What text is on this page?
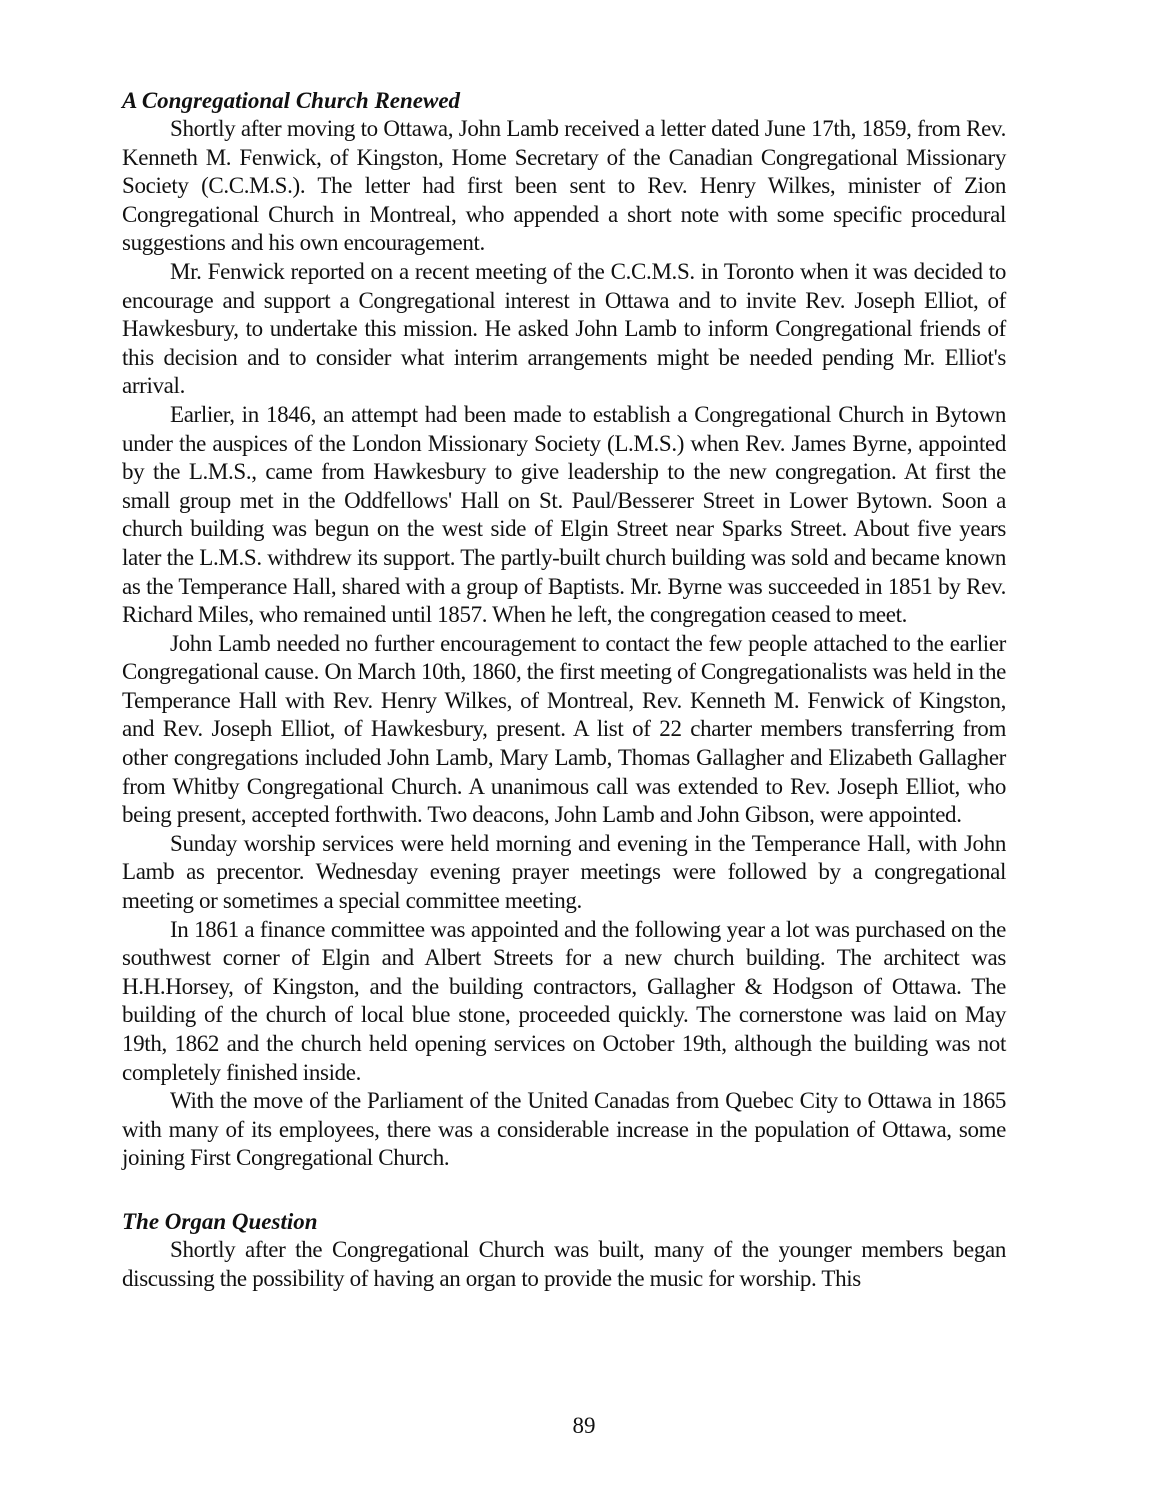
A Congregational Church Renewed

Shortly after moving to Ottawa, John Lamb received a letter dated June 17th, 1859, from Rev. Kenneth M. Fenwick, of Kingston, Home Secretary of the Canadian Congregational Missionary Society (C.C.M.S.). The letter had first been sent to Rev. Henry Wilkes, minister of Zion Congregational Church in Montreal, who appended a short note with some specific procedural suggestions and his own encouragement.

Mr. Fenwick reported on a recent meeting of the C.C.M.S. in Toronto when it was decided to encourage and support a Congregational interest in Ottawa and to invite Rev. Joseph Elliot, of Hawkesbury, to undertake this mission. He asked John Lamb to inform Congregational friends of this decision and to consider what interim arrangements might be needed pending Mr. Elliot's arrival.

Earlier, in 1846, an attempt had been made to establish a Congregational Church in Bytown under the auspices of the London Missionary Society (L.M.S.) when Rev. James Byrne, appointed by the L.M.S., came from Hawkesbury to give leadership to the new congregation. At first the small group met in the Oddfellows' Hall on St. Paul/Besserer Street in Lower Bytown. Soon a church building was begun on the west side of Elgin Street near Sparks Street. About five years later the L.M.S. withdrew its support. The partly-built church building was sold and became known as the Temperance Hall, shared with a group of Baptists. Mr. Byrne was succeeded in 1851 by Rev. Richard Miles, who remained until 1857. When he left, the congregation ceased to meet.

John Lamb needed no further encouragement to contact the few people attached to the earlier Congregational cause. On March 10th, 1860, the first meeting of Congregationalists was held in the Temperance Hall with Rev. Henry Wilkes, of Montreal, Rev. Kenneth M. Fenwick of Kingston, and Rev. Joseph Elliot, of Hawkesbury, present. A list of 22 charter members transferring from other congregations included John Lamb, Mary Lamb, Thomas Gallagher and Elizabeth Gallagher from Whitby Congregational Church. A unanimous call was extended to Rev. Joseph Elliot, who being present, accepted forthwith. Two deacons, John Lamb and John Gibson, were appointed.

Sunday worship services were held morning and evening in the Temperance Hall, with John Lamb as precentor. Wednesday evening prayer meetings were followed by a congregational meeting or sometimes a special committee meeting.

In 1861 a finance committee was appointed and the following year a lot was purchased on the southwest corner of Elgin and Albert Streets for a new church building. The architect was H.H.Horsey, of Kingston, and the building contractors, Gallagher & Hodgson of Ottawa. The building of the church of local blue stone, proceeded quickly. The cornerstone was laid on May 19th, 1862 and the church held opening services on October 19th, although the building was not completely finished inside.

With the move of the Parliament of the United Canadas from Quebec City to Ottawa in 1865 with many of its employees, there was a considerable increase in the population of Ottawa, some joining First Congregational Church.

The Organ Question

Shortly after the Congregational Church was built, many of the younger members began discussing the possibility of having an organ to provide the music for worship. This

89
